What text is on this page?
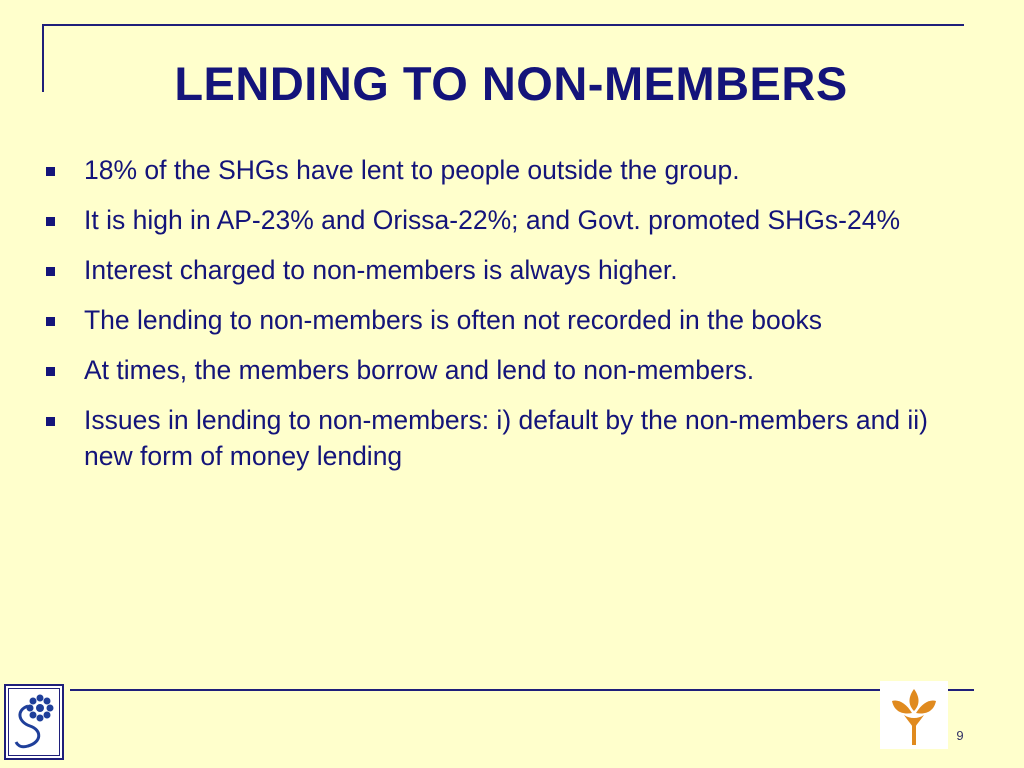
LENDING TO NON-MEMBERS
18% of the SHGs have lent to people outside the group.
It is high in AP-23% and Orissa-22%; and Govt. promoted SHGs-24%
Interest charged to non-members is always higher.
The lending to non-members is often not recorded in the books
At times, the members borrow and lend to non-members.
Issues in lending to non-members: i) default by the non-members and ii) new form of money lending
9
